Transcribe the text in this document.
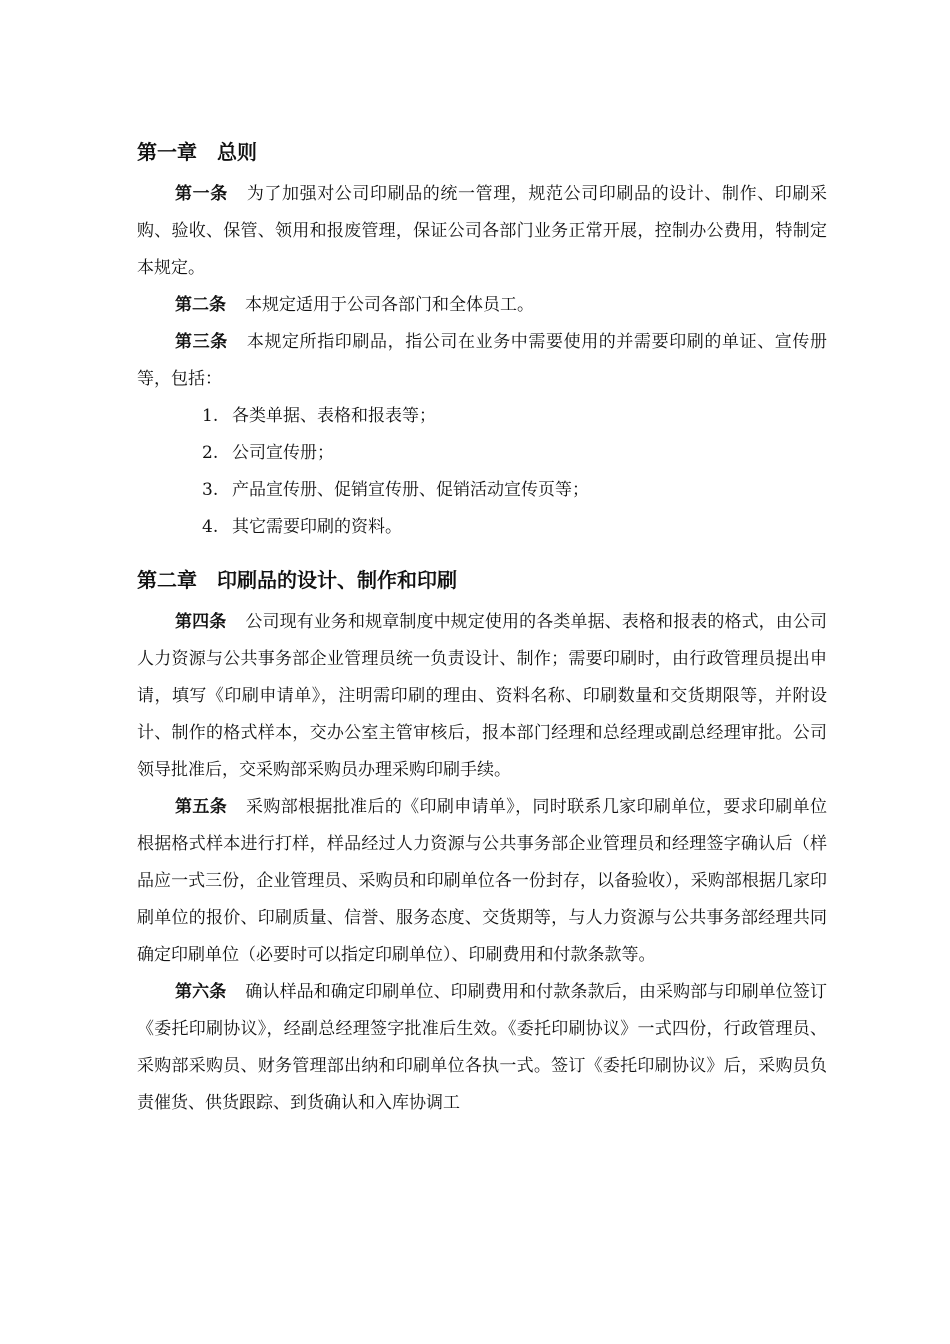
第一章　总则

第一条 为了加强对公司印刷品的统一管理，规范公司印刷品的设计、制作、印刷采购、验收、保管、领用和报废管理，保证公司各部门业务正常开展，控制办公费用，特制定本规定。

第二条 本规定适用于公司各部门和全体员工。

第三条 本规定所指印刷品，指公司在业务中需要使用的并需要印刷的单证、宣传册等，包括：

1. 各类单据、表格和报表等；
2. 公司宣传册；
3. 产品宣传册、促销宣传册、促销活动宣传页等；
4. 其它需要印刷的资料。
第二章　印刷品的设计、制作和印刷

第四条 公司现有业务和规章制度中规定使用的各类单据、表格和报表的格式，由公司人力资源与公共事务部企业管理员统一负责设计、制作；需要印刷时，由行政管理员提出申请，填写《印刷申请单》，注明需印刷的理由、资料名称、印刷数量和交货期限等，并附设计、制作的格式样本，交办公室主管审核后，报本部门经理和总经理或副总经理审批。公司领导批准后，交采购部采购员办理采购印刷手续。

第五条 采购部根据批准后的《印刷申请单》，同时联系几家印刷单位，要求印刷单位根据格式样本进行打样，样品经过人力资源与公共事务部企业管理员和经理签字确认后（样品应一式三份，企业管理员、采购员和印刷单位各一份封存，以备验收），采购部根据几家印刷单位的报价、印刷质量、信誉、服务态度、交货期等，与人力资源与公共事务部经理共同确定印刷单位（必要时可以指定印刷单位）、印刷费用和付款条款等。

第六条 确认样品和确定印刷单位、印刷费用和付款条款后，由采购部与印刷单位签订《委托印刷协议》，经副总经理签字批准后生效。《委托印刷协议》一式四份，行政管理员、采购部采购员、财务管理部出纳和印刷单位各执一式。签订《委托印刷协议》后，采购员负责催货、供货跟踪、到货确认和入库协调工
